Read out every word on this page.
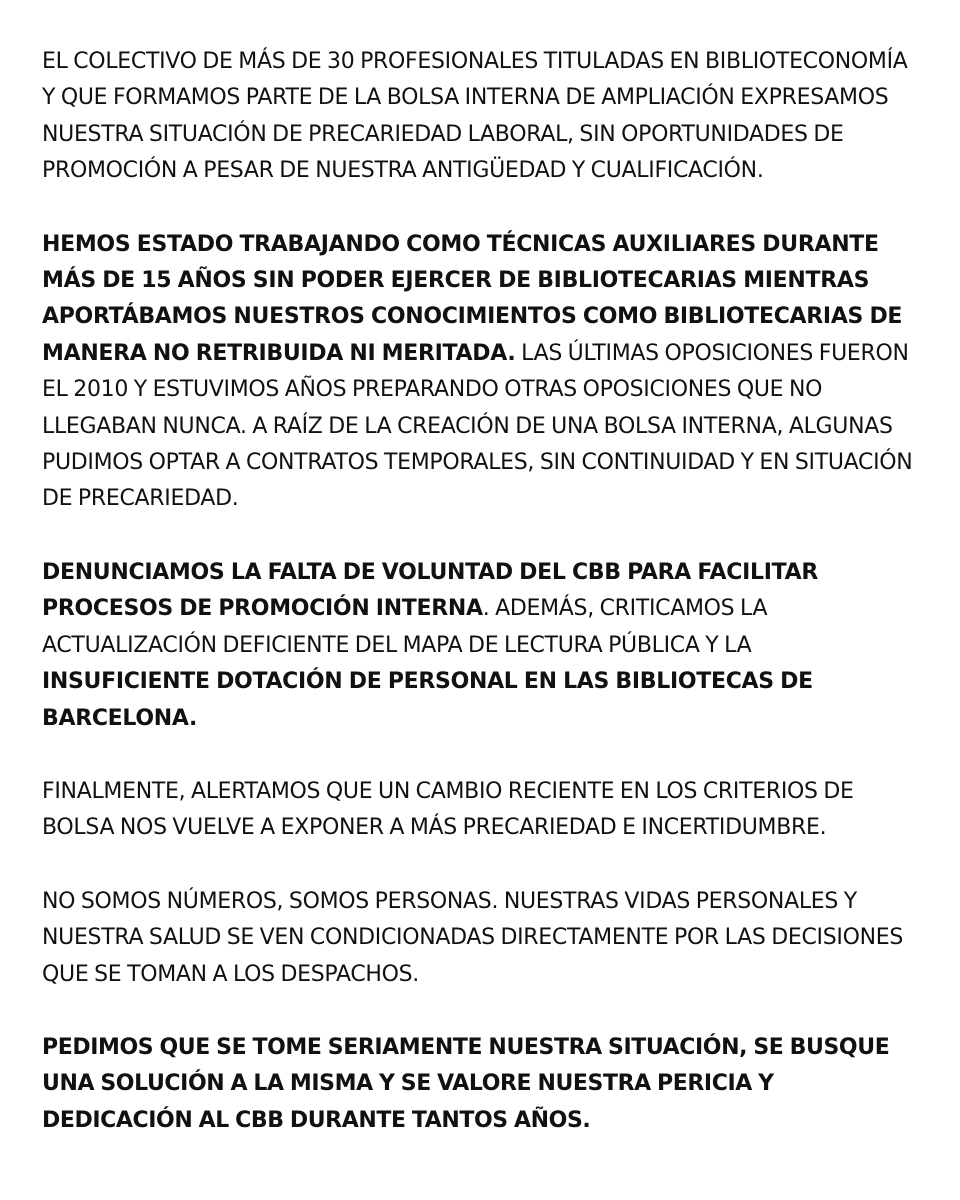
EL COLECTIVO DE MÁS DE 30 PROFESIONALES TITULADAS EN BIBLIOTECONOMÍA Y QUE FORMAMOS PARTE DE LA BOLSA INTERNA DE AMPLIACIÓN EXPRESAMOS NUESTRA SITUACIÓN DE PRECARIEDAD LABORAL, SIN OPORTUNIDADES DE PROMOCIÓN A PESAR DE NUESTRA ANTIGÜEDAD Y CUALIFICACIÓN.

HEMOS ESTADO TRABAJANDO COMO TÉCNICAS AUXILIARES DURANTE MÁS DE 15 AÑOS SIN PODER EJERCER DE BIBLIOTECARIAS MIENTRAS APORTÁBAMOS NUESTROS CONOCIMIENTOS COMO BIBLIOTECARIAS DE MANERA NO RETRIBUIDA NI MERITADA. LAS ÚLTIMAS OPOSICIONES FUERON EL 2010 Y ESTUVIMOS AÑOS PREPARANDO OTRAS OPOSICIONES QUE NO LLEGABAN NUNCA. A RAÍZ DE LA CREACIÓN DE UNA BOLSA INTERNA, ALGUNAS PUDIMOS OPTAR A CONTRATOS TEMPORALES, SIN CONTINUIDAD Y EN SITUACIÓN DE PRECARIEDAD.

DENUNCIAMOS LA FALTA DE VOLUNTAD DEL CBB PARA FACILITAR PROCESOS DE PROMOCIÓN INTERNA. ADEMÁS, CRITICAMOS LA ACTUALIZACIÓN DEFICIENTE DEL MAPA DE LECTURA PÚBLICA Y LA INSUFICIENTE DOTACIÓN DE PERSONAL EN LAS BIBLIOTECAS DE BARCELONA.

FINALMENTE, ALERTAMOS QUE UN CAMBIO RECIENTE EN LOS CRITERIOS DE BOLSA NOS VUELVE A EXPONER A MÁS PRECARIEDAD E INCERTIDUMBRE.

NO SOMOS NÚMEROS, SOMOS PERSONAS. NUESTRAS VIDAS PERSONALES Y NUESTRA SALUD SE VEN CONDICIONADAS DIRECTAMENTE POR LAS DECISIONES QUE SE TOMAN A LOS DESPACHOS.

PEDIMOS QUE SE TOME SERIAMENTE NUESTRA SITUACIÓN, SE BUSQUE UNA SOLUCIÓN A LA MISMA Y SE VALORE NUESTRA PERICIA Y DEDICACIÓN AL CBB DURANTE TANTOS AÑOS.
